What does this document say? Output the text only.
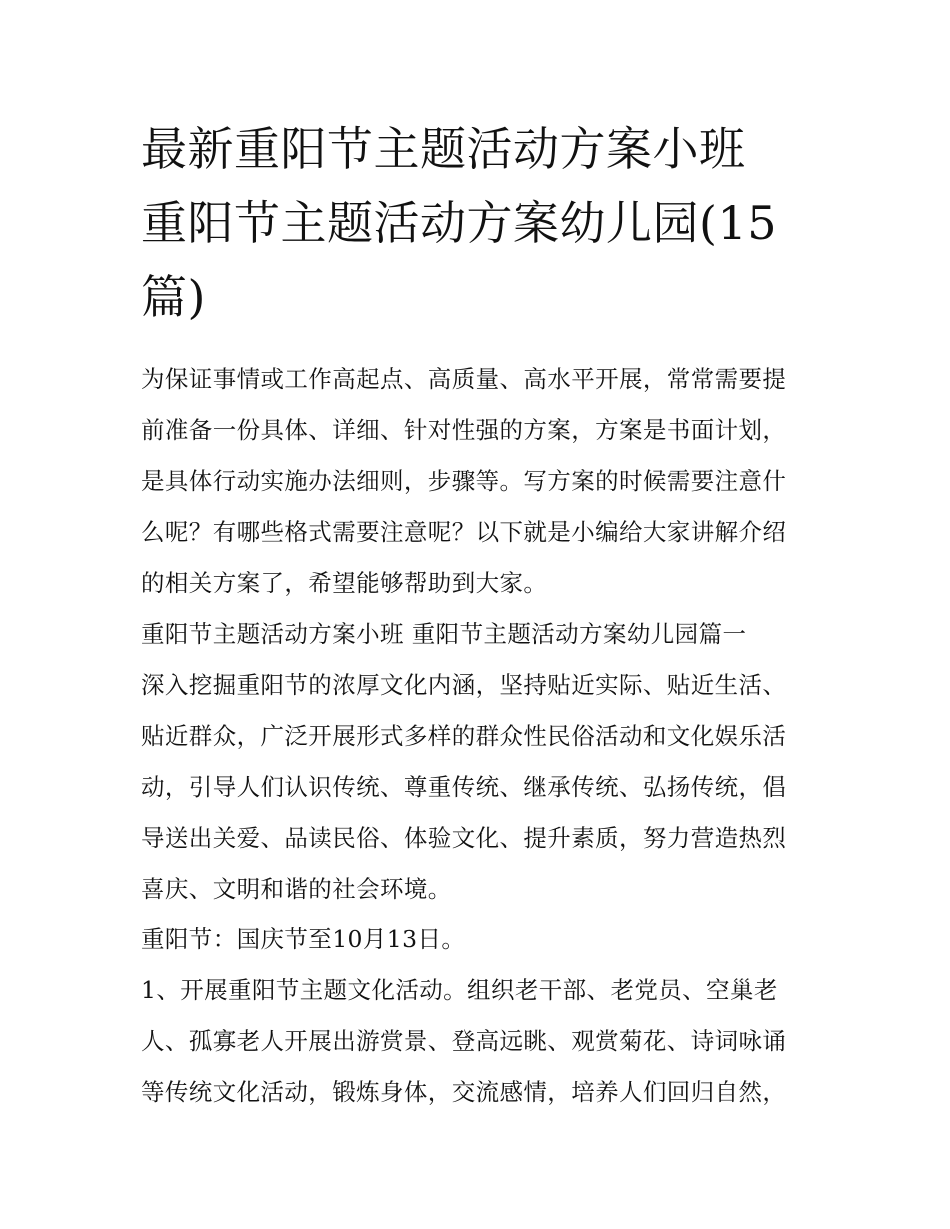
最新重阳节主题活动方案小班
重阳节主题活动方案幼儿园(15
篇)

为保证事情或工作高起点、高质量、高水平开展，常常需要提

前准备一份具体、详细、针对性强的方案，方案是书面计划，

是具体行动实施办法细则，步骤等。写方案的时候需要注意什

么呢？有哪些格式需要注意呢？以下就是小编给大家讲解介绍

的相关方案了，希望能够帮助到大家。

重阳节主题活动方案小班 重阳节主题活动方案幼儿园篇一

深入挖掘重阳节的浓厚文化内涵，坚持贴近实际、贴近生活、

贴近群众，广泛开展形式多样的群众性民俗活动和文化娱乐活

动，引导人们认识传统、尊重传统、继承传统、弘扬传统，倡

导送出关爱、品读民俗、体验文化、提升素质，努力营造热烈

喜庆、文明和谐的社会环境。

重阳节：国庆节至10月13日。

1、开展重阳节主题文化活动。组织老干部、老党员、空巢老

人、孤寡老人开展出游赏景、登高远眺、观赏菊花、诗词咏诵

等传统文化活动，锻炼身体，交流感情，培养人们回归自然，
